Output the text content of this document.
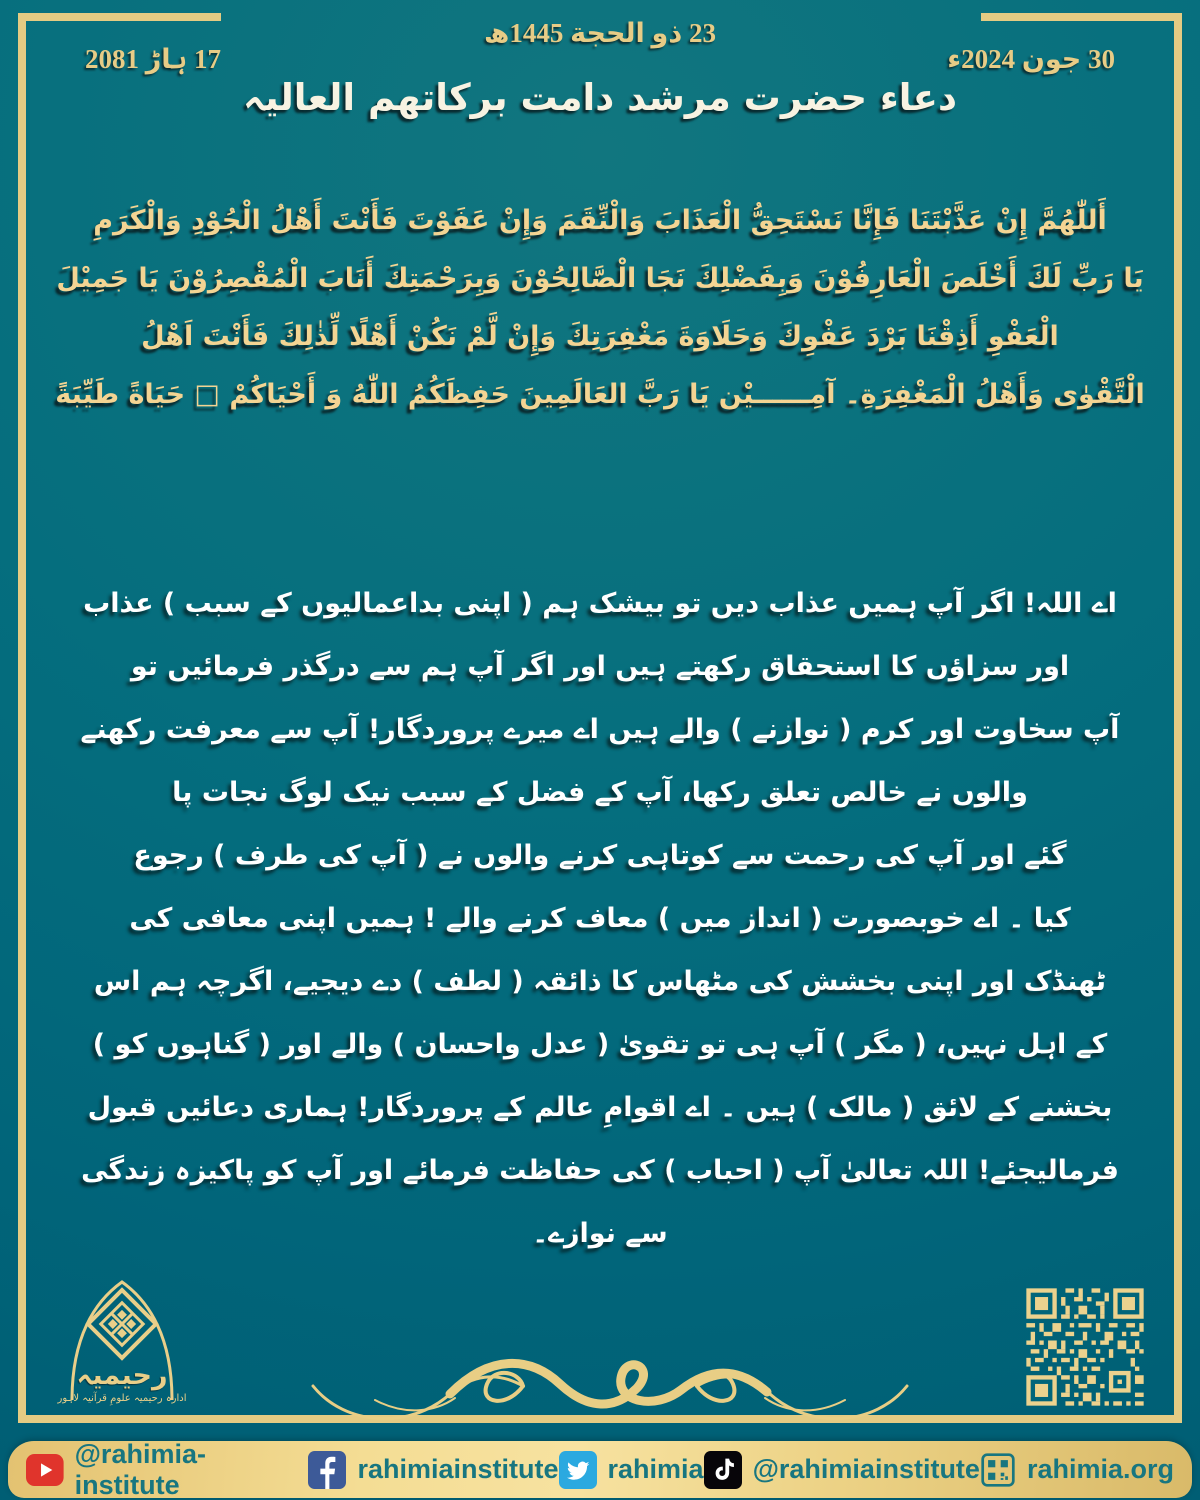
23 ذو الحجة 1445ھ
30 جون 2024ء
17 ہاڑ 2081
دعاء حضرت مرشد دامت برکاتھم العالیہ
أَللّٰهُمَّ إِنْ عَذَّبْتَنَا فَإِنَّا نَسْتَحِقُّ الْعَذَابَ وَالْنِّقَمَ وَإِنْ عَفَوْتَ فَأَنْتَ أَهْلُ الْجُوْدِ وَالْكَرَمِ
يَا رَبِّ لَكَ أَخْلَصَ الْعَارِفُوْنَ وَبِفَضْلِكَ نَجَا الْصَّالِحُوْنَ وَبِرَحْمَتِكَ أَنَابَ الْمُقْصِرُوْنَ يَا جَمِيْلَ
الْعَفْوِ أَذِقْنَا بَرْدَ عَفْوِكَ وَحَلَاوَةَ مَغْفِرَتِكَ وَإِنْ لَّمْ نَكُنْ أَهْلًا لِّذٰلِكَ فَأَنْتَ اَهْلُ
الْتَّقْوٰى وَأَهْلُ الْمَغْفِرَةِ۔ آمِــــــيْن يَا رَبَّ العَالَمِينَ حَفِظَكُمُ اللّٰهُ وَ أَحْيَاكُمْ □ حَيَاةً طَيِّبَةً
اے اللہ! اگر آپ ہمیں عذاب دیں تو بیشک ہم ( اپنی بداعمالیوں کے سبب ) عذاب
اور سزاؤں کا استحقاق رکھتے ہیں اور اگر آپ ہم سے درگذر فرمائیں تو
آپ سخاوت اور کرم ( نوازنے ) والے ہیں اے میرے پروردگار! آپ سے معرفت رکھنے
والوں نے خالص تعلق رکھا، آپ کے فضل کے سبب نیک لوگ نجات پا
گئے اور آپ کی رحمت سے کوتاہی کرنے والوں نے ( آپ کی طرف ) رجوع
کیا ۔ اے خوبصورت ( انداز میں ) معاف کرنے والے ! ہمیں اپنی معافی کی
ٹھنڈک اور اپنی بخشش کی مٹھاس کا ذائقہ ( لطف ) دے دیجیے، اگرچہ ہم اس
کے اہل نہیں، ( مگر ) آپ ہی تو تقویٰ ( عدل واحسان ) والے اور ( گناہوں کو )
بخشنے کے لائق ( مالک ) ہیں ۔ اے اقوامِ عالم کے پروردگار! ہماری دعائیں قبول
فرمالیجئے! اللہ تعالیٰ آپ ( احباب ) کی حفاظت فرمائے اور آپ کو پاکیزہ زندگی
سے نوازے۔
رحیمیہ
ادارہ رحیمیہ علومِ قرآنیہ لاہور
@rahimia-institute
rahimiainstitute rahimia @rahimiainstitute rahimia.org
